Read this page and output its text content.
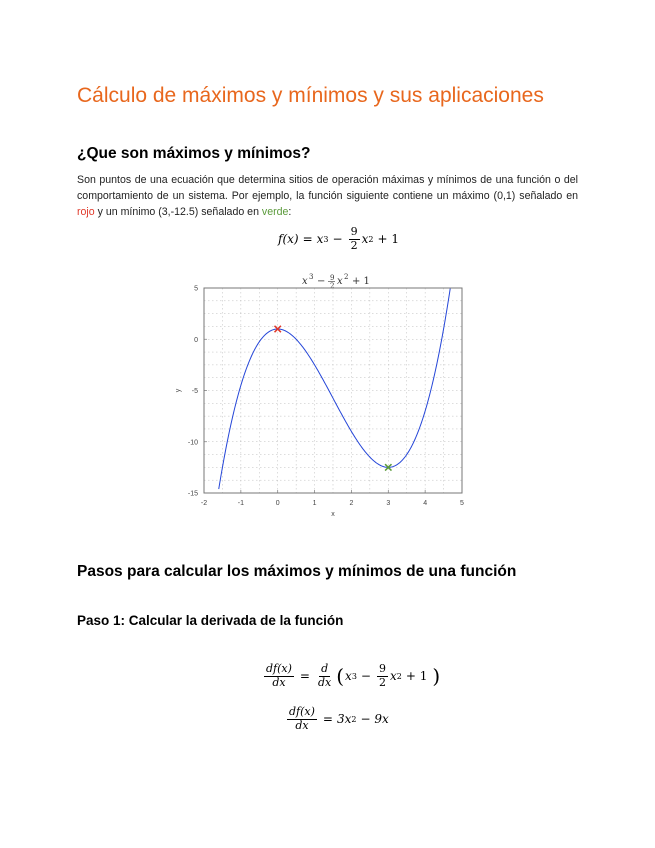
Cálculo de máximos y mínimos y sus aplicaciones
¿Que son máximos y mínimos?

Son puntos de una ecuación que determina sitios de operación máximas y mínimos de una función o del comportamiento de un sistema. Por ejemplo, la función siguiente contiene un máximo (0,1) señalado en rojo y un mínimo (3,-12.5) señalado en verde:

f(x) = x $3 - \frac{9}{2}$ x 2 + 1
x 3 − 9
2 x 2 + 1
-2	-1	0	1	2	3	4	5
5
0
-5
-10
-15
x
y
Pasos para calcular los máximos y mínimos de una función
Paso 1: Calcular la derivada de la función
$\frac{df(x)}{dx} = \frac{d}{dx}$ ( x $3 - \frac{9}{2}$ x 2 + 1 )
$\frac{df(x)}{dx} = 3x$ 2 − 9x
